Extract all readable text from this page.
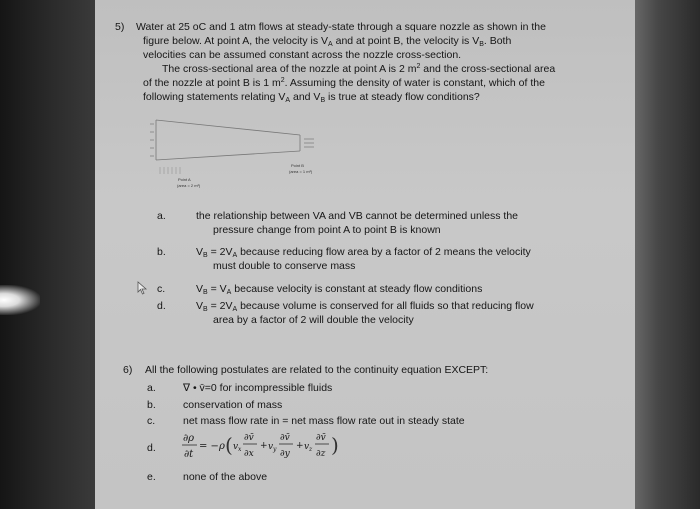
5) Water at 25 oC and 1 atm flows at steady-state through a square nozzle as shown in the
figure below. At point A, the velocity is $V_A$ and at point B, the velocity is $V_B$. Both
velocities can be assumed constant across the nozzle cross-section.
The cross-sectional area of the nozzle at point A is 2 $m^2$ and the cross-sectional area
of the nozzle at point B is 1 $m^2$. Assuming the density of water is constant, which of the
following statements relating $V_A$ and $V_B$ is true at steady flow conditions?
Point A
(area = 2 m²)
Point B
(area = 1 m²)
a.	the relationship between VA and VB cannot be determined unless the
pressure change from point A to point B is known
b.	$V_B = 2V_A$ because reducing flow area by a factor of 2 means the velocity
must double to conserve mass
c.	$V_B = V_A$ because velocity is constant at steady flow conditions
d.	$V_B = 2V_A$ because volume is conserved for all fluids so that reducing flow
area by a factor of 2 will double the velocity
6) All the following postulates are related to the continuity equation EXCEPT:
a.	∇ • v̄=0 for incompressible fluids
b.	conservation of mass
c.	net mass flow rate in = net mass flow rate out in steady state
d.
∂ρ
∂t
= − ρ ( v x
∂v̄
∂x
+ v y
∂v̄
∂y
+ v z
∂v̄
∂z )
e.	none of the above
